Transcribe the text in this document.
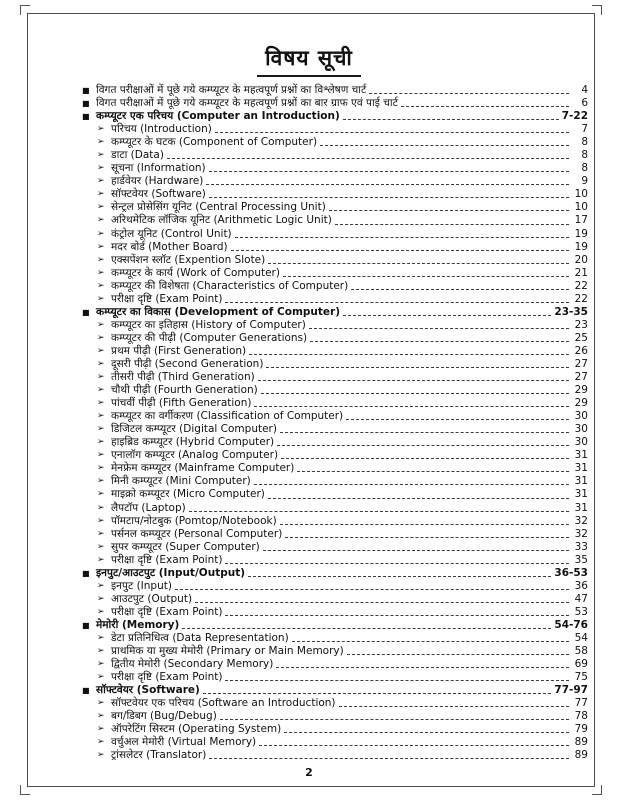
विषय सूची
■ विगत परीक्षाओं में पूछे गये कम्प्यूटर के महत्वपूर्ण प्रश्नों का विश्लेषण चार्ट	4
■ विगत परीक्षाओं में पूछे गये कम्प्यूटर के महत्वपूर्ण प्रश्नों का बार ग्राफ एवं पाई चार्ट	6
■ कम्प्यूटर एक परिचय (Computer an Introduction)	7-22
➢ परिचय (Introduction)	7
➢ कम्प्यूटर के घटक (Component of Computer)	8
➢ डाटा (Data)	8
➢ सूचना (Information)	8
➢ हार्डवेयर (Hardware)	9
➢ सॉफ्टवेयर (Software)	10
➢ सेन्ट्रल प्रोसेसिंग यूनिट (Central Processing Unit)	10
➢ अरिथमेटिक लॉजिक यूनिट (Arithmetic Logic Unit)	17
➢ कंट्रोल यूनिट (Control Unit)	19
➢ मदर बोर्ड (Mother Board)	19
➢ एक्सपेंशन स्लॉट (Expention Slote)	20
➢ कम्प्यूटर के कार्य (Work of Computer)	21
➢ कम्प्यूटर की विशेषता (Characteristics of Computer)	22
➢ परीक्षा दृष्टि (Exam Point)	22
■ कम्प्यूटर का विकास (Development of Computer)	23-35
➢ कम्प्यूटर का इतिहास (History of Computer)	23
➢ कम्प्यूटर की पीढ़ी (Computer Generations)	25
➢ प्रथम पीढ़ी (First Generation)	26
➢ दूसरी पीढ़ी (Second Generation)	27
➢ तीसरी पीढ़ी (Third Generation)	27
➢ चौथी पीढ़ी (Fourth Generation)	29
➢ पांचवीं पीढ़ी (Fifth Generation)	29
➢ कम्प्यूटर का वर्गीकरण (Classification of Computer)	30
➢ डिजिटल कम्प्यूटर (Digital Computer)	30
➢ हाइब्रिड कम्प्यूटर (Hybrid Computer)	30
➢ एनालॉग कम्प्यूटर (Analog Computer)	31
➢ मेनफ्रेम कम्प्यूटर (Mainframe Computer)	31
➢ मिनी कम्प्यूटर (Mini Computer)	31
➢ माइक्रो कम्प्यूटर (Micro Computer)	31
➢ लैपटॉप (Laptop)	31
➢ पॉमटाप/नोटबुक (Pomtop/Notebook)	32
➢ पर्सनल कम्प्यूटर (Personal Computer)	32
➢ सुपर कम्प्यूटर (Super Computer)	33
➢ परीक्षा दृष्टि (Exam Point)	35
■ इनपुट/आउटपुट (Input/Output)	36-53
➢ इनपुट (Input)	36
➢ आउटपुट (Output)	47
➢ परीक्षा दृष्टि (Exam Point)	53
■ मेमोरी (Memory)	54-76
➢ डेटा प्रतिनिधित्व (Data Representation)	54
➢ प्राथमिक या मुख्य मेमोरी (Primary or Main Memory)	58
➢ द्वितीय मेमोरी (Secondary Memory)	69
➢ परीक्षा दृष्टि (Exam Point)	75
■ सॉफ्टवेयर (Software)	77-97
➢ सॉफ्टवेयर एक परिचय (Software an Introduction)	77
➢ बग/डिबग (Bug/Debug)	78
➢ ऑपरेटिंग सिस्टम (Operating System)	79
➢ वर्चुअल मेमोरी (Virtual Memory)	89
➢ ट्रांसलेटर (Translator)	89
2
